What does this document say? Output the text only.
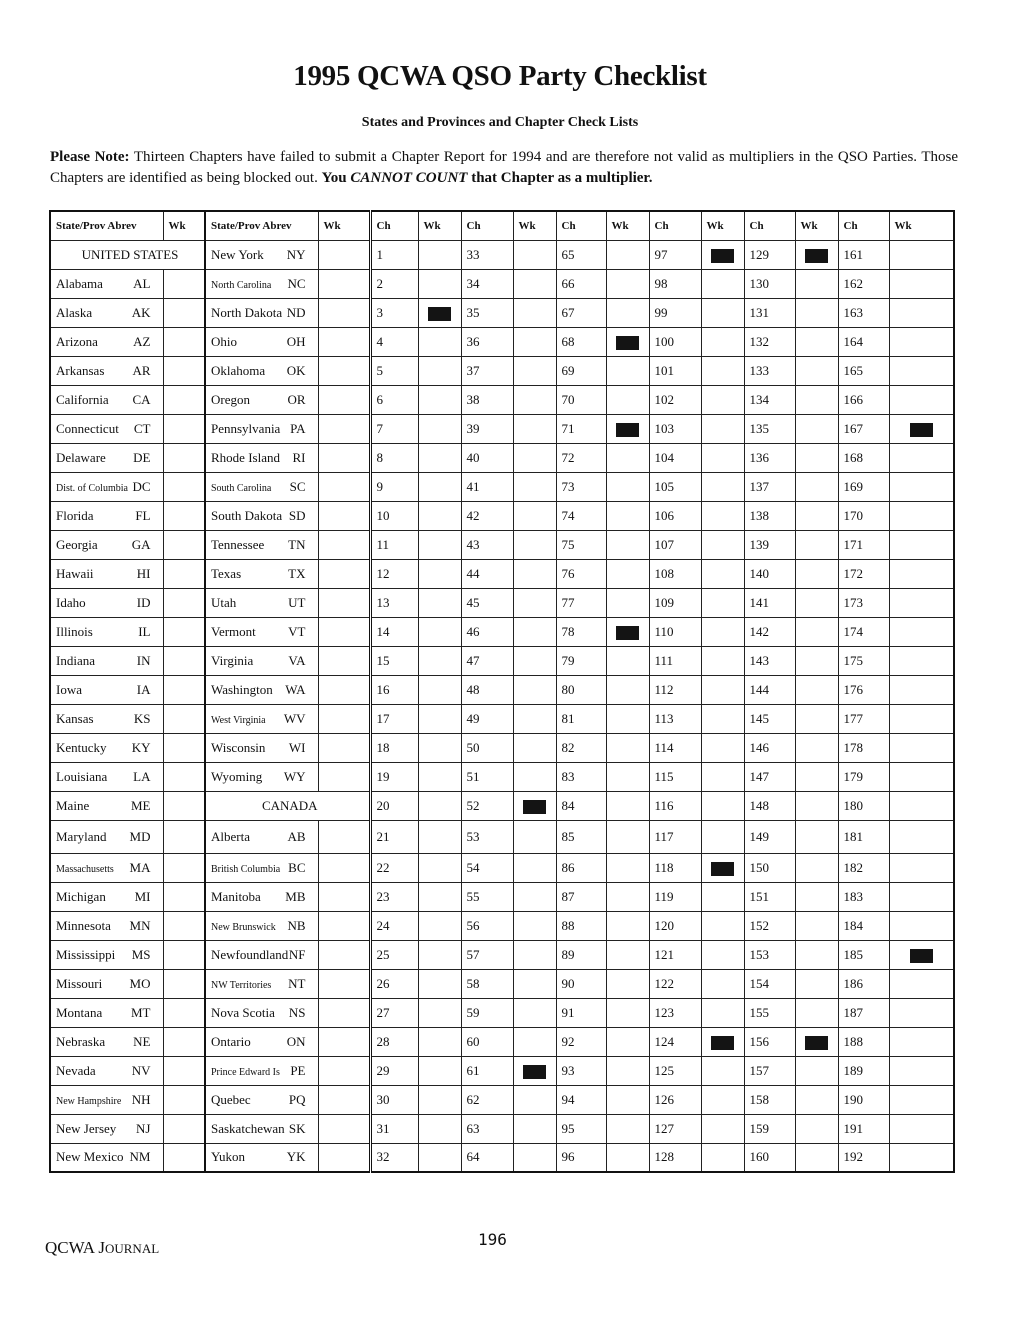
1995 QCWA QSO Party Checklist
States and Provinces and Chapter Check Lists
Please Note: Thirteen Chapters have failed to submit a Chapter Report for 1994 and are therefore not valid as multipliers in the QSO Parties. Those Chapters are identified as being blocked out. You CANNOT COUNT that Chapter as a multiplier.
State/Prov Abrev	Wk	State/Prov Abrev	Wk	Ch	Wk	Ch	Wk	Ch	Wk	Ch	Wk	Ch	Wk	Ch	Wk
UNITED STATES		New York NY		1		33		65		97		129		161	
Alabama AL		North Carolina NC		2		34		66		98		130		162	
Alaska AK		North Dakota ND		3		35		67		99		131		163	
Arizona AZ		Ohio OH		4		36		68		100		132		164	
Arkansas AR		Oklahoma OK		5		37		69		101		133		165	
California CA		Oregon OR		6		38		70		102		134		166	
Connecticut CT		Pennsylvania PA		7		39		71		103		135		167	
Delaware DE		Rhode Island RI		8		40		72		104		136		168	
Dist. of Columbia DC		South Carolina SC		9		41		73		105		137		169	
Florida FL		South Dakota SD		10		42		74		106		138		170	
Georgia GA		Tennessee TN		11		43		75		107		139		171	
Hawaii HI		Texas TX		12		44		76		108		140		172	
Idaho ID		Utah UT		13		45		77		109		141		173	
Illinois IL		Vermont VT		14		46		78		110		142		174	
Indiana IN		Virginia VA		15		47		79		111		143		175	
Iowa IA		Washington WA		16		48		80		112		144		176	
Kansas KS		West Virginia WV		17		49		81		113		145		177	
Kentucky KY		Wisconsin WI		18		50		82		114		146		178	
Louisiana LA		Wyoming WY		19		51		83		115		147		179	
Maine ME		CANADA		20		52		84		116		148		180	
Maryland MD		Alberta AB		21		53		85		117		149		181	
Massachusetts MA		British Columbia BC		22		54		86		118		150		182	
Michigan MI		Manitoba MB		23		55		87		119		151		183	
Minnesota MN		New Brunswick NB		24		56		88		120		152		184	
Mississippi MS		Newfoundland NF		25		57		89		121		153		185	
Missouri MO		NW Territories NT		26		58		90		122		154		186	
Montana MT		Nova Scotia NS		27		59		91		123		155		187	
Nebraska NE		Ontario ON		28		60		92		124		156		188	
Nevada NV		Prince Edward Is PE		29		61		93		125		157		189	
New Hampshire NH		Quebec PQ		30		62		94		126		158		190	
New Jersey NJ		Saskatchewan SK		31		63		95		127		159		191	
New Mexico NM		Yukon YK		32		64		96		128		160		192	
QCWA JOURNAL	196
